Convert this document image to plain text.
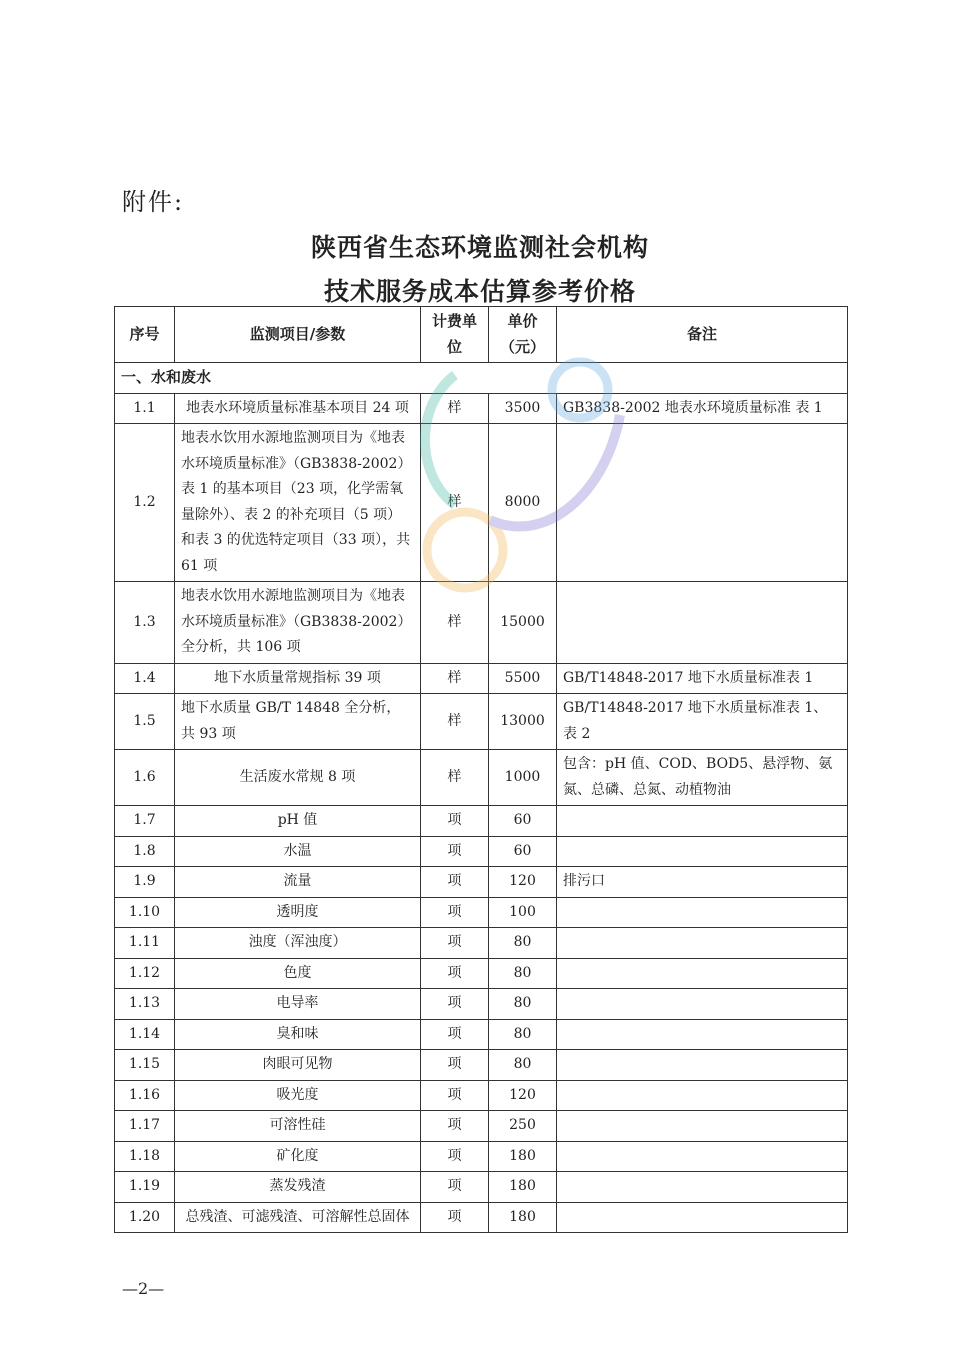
附件:
陕西省生态环境监测社会机构
技术服务成本估算参考价格
序号	监测项目/参数	计费单位	单价（元）	备注
一、水和废水				
1.1	地表水环境质量标准基本项目 24 项	样	3500	GB3838-2002 地表水环境质量标准 表 1
1.2	地表水饮用水源地监测项目为《地表水环境质量标准》（GB3838-2002）表 1 的基本项目（23 项，化学需氧量除外）、表 2 的补充项目（5 项）和表 3 的优选特定项目（33 项），共 61 项	样	8000	
1.3	地表水饮用水源地监测项目为《地表水环境质量标准》（GB3838-2002）全分析，共 106 项	样	15000	
1.4	地下水质量常规指标 39 项	样	5500	GB/T14848-2017 地下水质量标准表 1
1.5	地下水质量 GB/T 14848 全分析，共 93 项	样	13000	GB/T14848-2017 地下水质量标准表 1、表 2
1.6	生活废水常规 8 项	样	1000	包含：pH 值、COD、BOD5、悬浮物、氨氮、总磷、总氮、动植物油
1.7	pH 值	项	60	
1.8	水温	项	60	
1.9	流量	项	120	排污口
1.10	透明度	项	100	
1.11	浊度（浑浊度）	项	80	
1.12	色度	项	80	
1.13	电导率	项	80	
1.14	臭和味	项	80	
1.15	肉眼可见物	项	80	
1.16	吸光度	项	120	
1.17	可溶性硅	项	250	
1.18	矿化度	项	180	
1.19	蒸发残渣	项	180	
1.20	总残渣、可滤残渣、可溶解性总固体	项	180	
—2—
